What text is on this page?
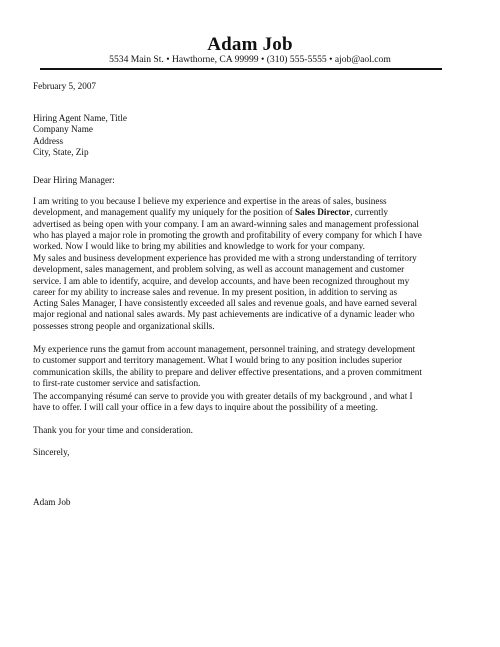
Adam Job
5534 Main St. • Hawthorne, CA 99999 • (310) 555-5555 • ajob@aol.com
February 5, 2007
Hiring Agent Name, Title
Company Name
Address
City, State, Zip
Dear Hiring Manager:
I am writing to you because I believe my experience and expertise in the areas of sales, business
development, and management qualify my uniquely for the position of Sales Director, currently
advertised as being open with your company. I am an award-winning sales and management professional
who has played a major role in promoting the growth and profitability of every company for which I have
worked. Now I would like to bring my abilities and knowledge to work for your company.
My sales and business development experience has provided me with a strong understanding of territory
development, sales management, and problem solving, as well as account management and customer
service. I am able to identify, acquire, and develop accounts, and have been recognized throughout my
career for my ability to increase sales and revenue. In my present position, in addition to serving as
Acting Sales Manager, I have consistently exceeded all sales and revenue goals, and have earned several
major regional and national sales awards. My past achievements are indicative of a dynamic leader who
possesses strong people and organizational skills.
My experience runs the gamut from account management, personnel training, and strategy development
to customer support and territory management. What I would bring to any position includes superior
communication skills, the ability to prepare and deliver effective presentations, and a proven commitment
to first-rate customer service and satisfaction.
The accompanying résumé can serve to provide you with greater details of my background , and what I
have to offer. I will call your office in a few days to inquire about the possibility of a meeting.
Thank you for your time and consideration.
Sincerely,
Adam Job
